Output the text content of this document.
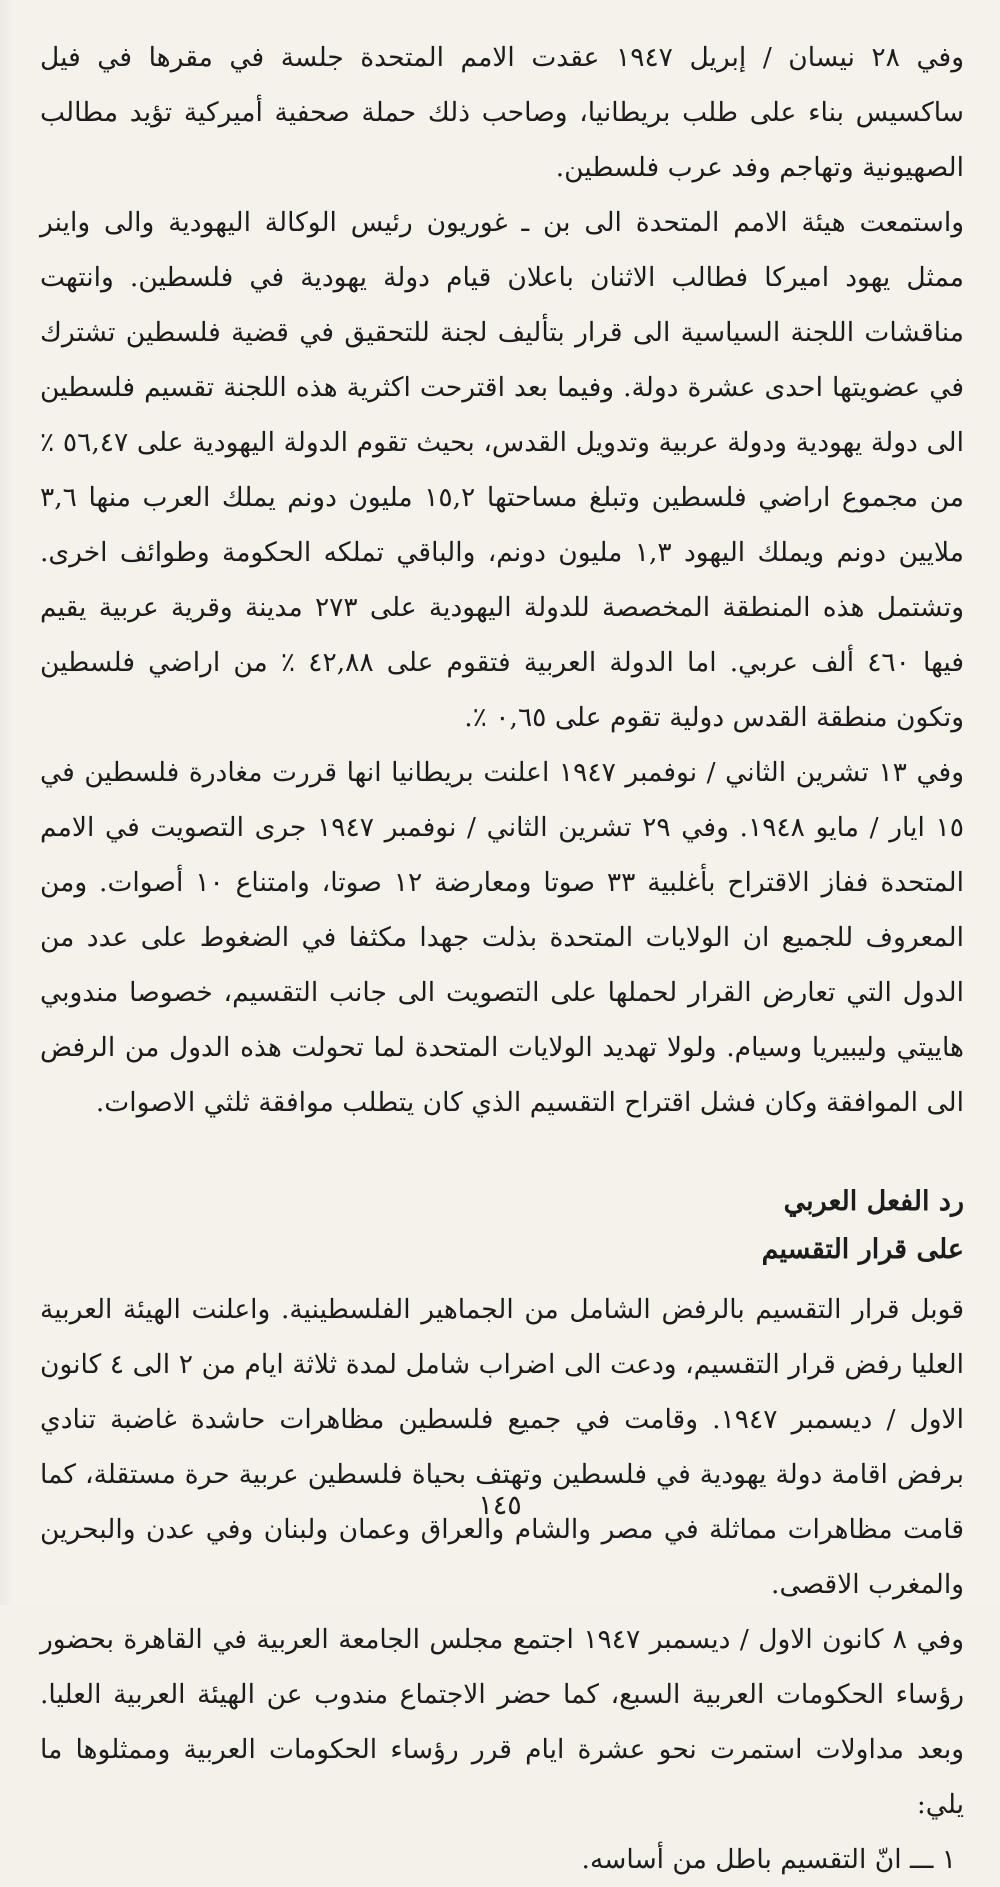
وفي ٢٨ نيسان / إبريل ١٩٤٧ عقدت الامم المتحدة جلسة في مقرها في فيل ساكسيس بناء على طلب بريطانيا، وصاحب ذلك حملة صحفية أميركية تؤيد مطالب الصهيونية وتهاجم وفد عرب فلسطين.

واستمعت هيئة الامم المتحدة الى بن ـ غوريون رئيس الوكالة اليهودية والى واينر ممثل يهود اميركا فطالب الاثنان باعلان قيام دولة يهودية في فلسطين. وانتهت مناقشات اللجنة السياسية الى قرار بتأليف لجنة للتحقيق في قضية فلسطين تشترك في عضويتها احدى عشرة دولة. وفيما بعد اقترحت اكثرية هذه اللجنة تقسيم فلسطين الى دولة يهودية ودولة عربية وتدويل القدس، بحيث تقوم الدولة اليهودية على ٥٦,٤٧ ٪ من مجموع اراضي فلسطين وتبلغ مساحتها ١٥,٢ مليون دونم يملك العرب منها ٣,٦ ملايين دونم ويملك اليهود ١,٣ مليون دونم، والباقي تملكه الحكومة وطوائف اخرى. وتشتمل هذه المنطقة المخصصة للدولة اليهودية على ٢٧٣ مدينة وقرية عربية يقيم فيها ٤٦٠ ألف عربي. اما الدولة العربية فتقوم على ٤٢,٨٨ ٪ من اراضي فلسطين وتكون منطقة القدس دولية تقوم على ٠,٦٥ ٪.

وفي ١٣ تشرين الثاني / نوفمبر ١٩٤٧ اعلنت بريطانيا انها قررت مغادرة فلسطين في ١٥ ايار / مايو ١٩٤٨. وفي ٢٩ تشرين الثاني / نوفمبر ١٩٤٧ جرى التصويت في الامم المتحدة ففاز الاقتراح بأغلبية ٣٣ صوتا ومعارضة ١٢ صوتا، وامتناع ١٠ أصوات. ومن المعروف للجميع ان الولايات المتحدة بذلت جهدا مكثفا في الضغوط على عدد من الدول التي تعارض القرار لحملها على التصويت الى جانب التقسيم، خصوصا مندوبي هاييتي وليبيريا وسيام. ولولا تهديد الولايات المتحدة لما تحولت هذه الدول من الرفض الى الموافقة وكان فشل اقتراح التقسيم الذي كان يتطلب موافقة ثلثي الاصوات.

رد الفعل العربي
على قرار التقسيم

قوبل قرار التقسيم بالرفض الشامل من الجماهير الفلسطينية. واعلنت الهيئة العربية العليا رفض قرار التقسيم، ودعت الى اضراب شامل لمدة ثلاثة ايام من ٢ الى ٤ كانون الاول / ديسمبر ١٩٤٧. وقامت في جميع فلسطين مظاهرات حاشدة غاضبة تنادي برفض اقامة دولة يهودية في فلسطين وتهتف بحياة فلسطين عربية حرة مستقلة، كما قامت مظاهرات مماثلة في مصر والشام والعراق وعمان ولبنان وفي عدن والبحرين والمغرب الاقصى.

وفي ٨ كانون الاول / ديسمبر ١٩٤٧ اجتمع مجلس الجامعة العربية في القاهرة بحضور رؤساء الحكومات العربية السبع، كما حضر الاجتماع مندوب عن الهيئة العربية العليا. وبعد مداولات استمرت نحو عشرة ايام قرر رؤساء الحكومات العربية وممثلوها ما يلي:

١ ـــ انّ التقسيم باطل من أساسه.

١٤٥
